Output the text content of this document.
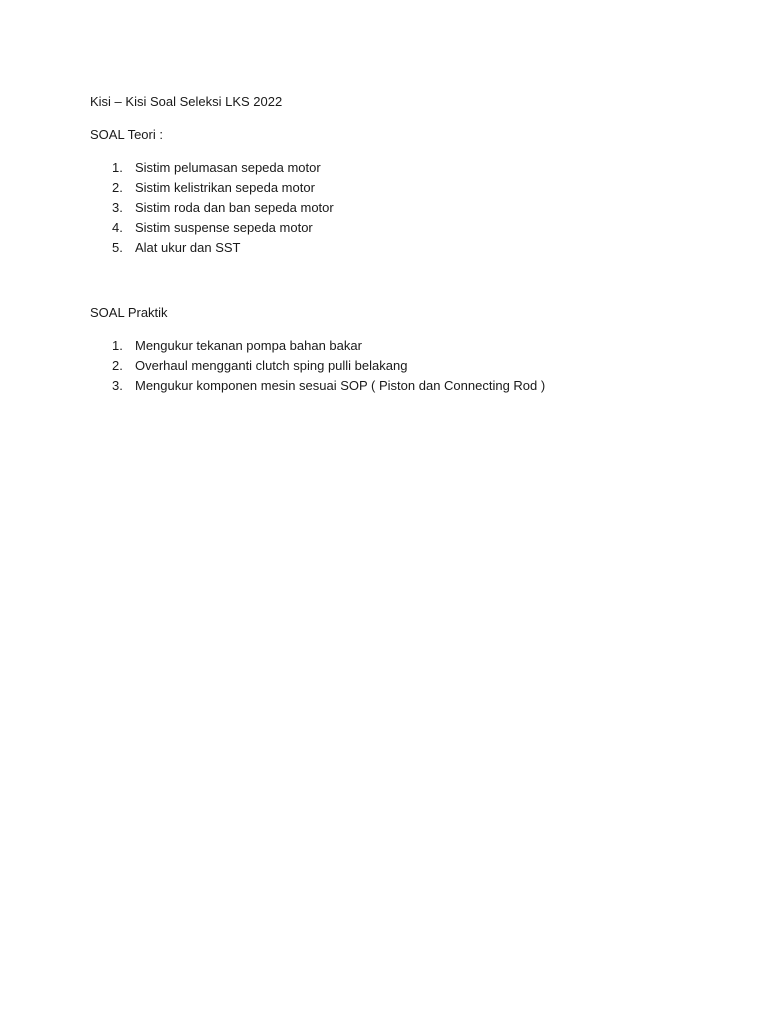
Kisi – Kisi Soal Seleksi LKS 2022
SOAL Teori :
1. Sistim pelumasan sepeda motor
2. Sistim kelistrikan sepeda motor
3. Sistim roda dan ban sepeda motor
4. Sistim suspense sepeda motor
5. Alat ukur dan SST
SOAL Praktik
1. Mengukur tekanan pompa bahan bakar
2. Overhaul mengganti clutch sping pulli belakang
3. Mengukur komponen mesin sesuai SOP ( Piston dan Connecting Rod )
